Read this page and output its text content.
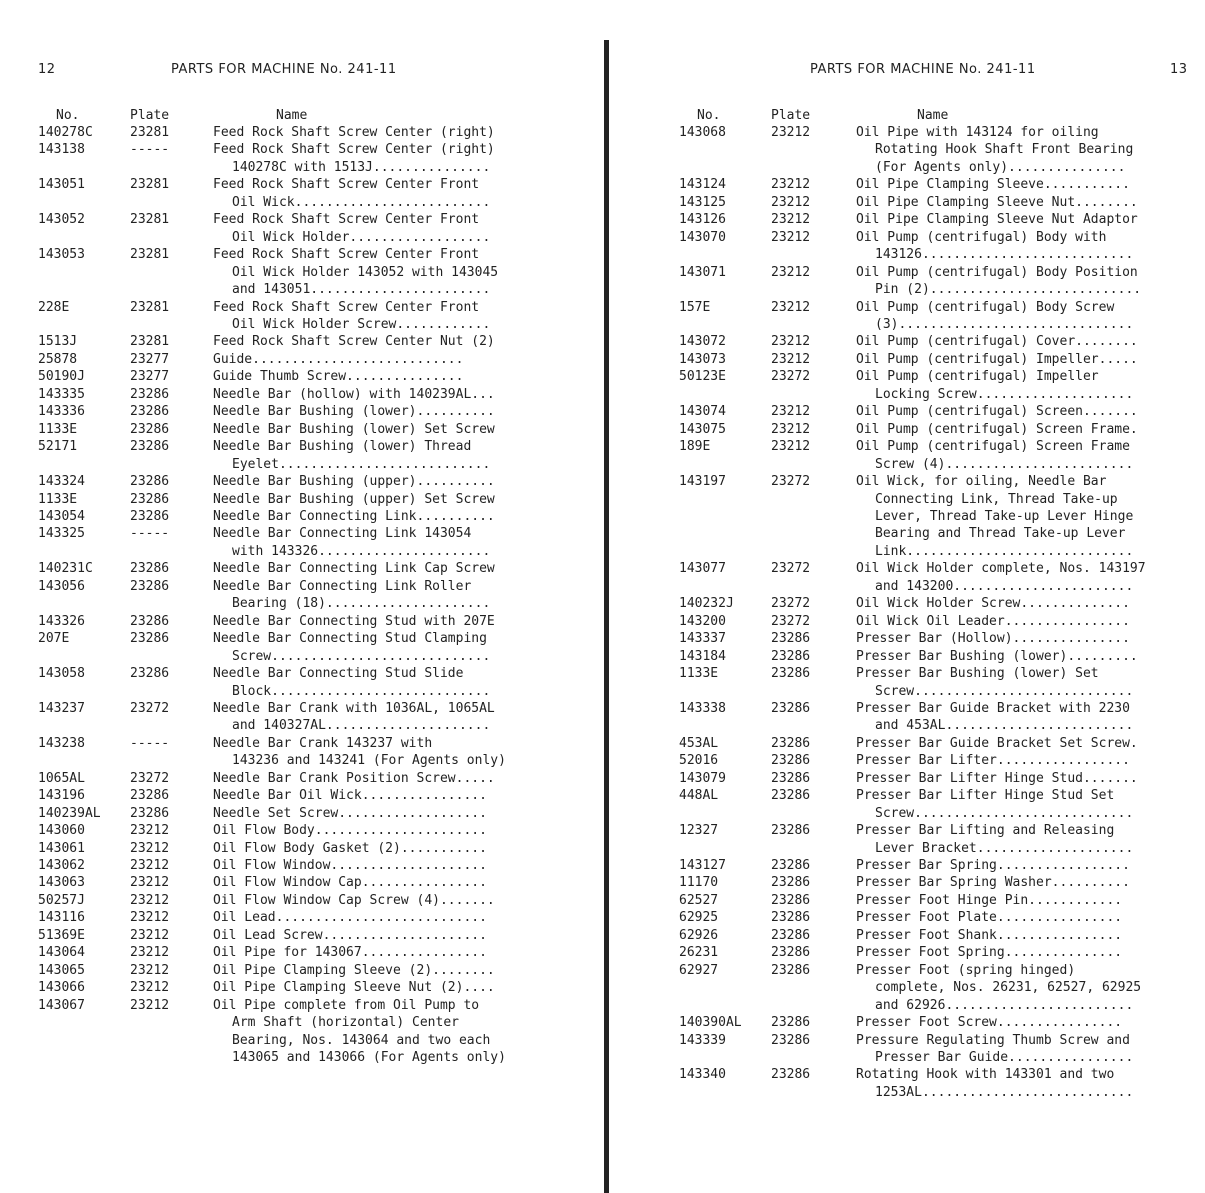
12	PARTS FOR MACHINE No. 241-11
No.	Plate	Name
140278C	23281	Feed Rock Shaft Screw Center (right)
143138	-----	Feed Rock Shaft Screw Center (right)
140278C with 1513J...............
143051	23281	Feed Rock Shaft Screw Center Front
Oil Wick.........................
143052	23281	Feed Rock Shaft Screw Center Front
Oil Wick Holder..................
143053	23281	Feed Rock Shaft Screw Center Front
Oil Wick Holder 143052 with 143045
and 143051.......................
228E	23281	Feed Rock Shaft Screw Center Front
Oil Wick Holder Screw............
1513J	23281	Feed Rock Shaft Screw Center Nut (2)
25878	23277	Guide...........................
50190J	23277	Guide Thumb Screw...............
143335	23286	Needle Bar (hollow) with 140239AL...
143336	23286	Needle Bar Bushing (lower)..........
1133E	23286	Needle Bar Bushing (lower) Set Screw
52171	23286	Needle Bar Bushing (lower) Thread
Eyelet...........................
143324	23286	Needle Bar Bushing (upper)..........
1133E	23286	Needle Bar Bushing (upper) Set Screw
143054	23286	Needle Bar Connecting Link..........
143325	-----	Needle Bar Connecting Link 143054
with 143326......................
140231C	23286	Needle Bar Connecting Link Cap Screw
143056	23286	Needle Bar Connecting Link Roller
Bearing (18).....................
143326	23286	Needle Bar Connecting Stud with 207E
207E	23286	Needle Bar Connecting Stud Clamping
Screw............................
143058	23286	Needle Bar Connecting Stud Slide
Block............................
143237	23272	Needle Bar Crank with 1036AL, 1065AL
and 140327AL.....................
143238	-----	Needle Bar Crank 143237 with
143236 and 143241 (For Agents only)
1065AL	23272	Needle Bar Crank Position Screw.....
143196	23286	Needle Bar Oil Wick................
140239AL	23286	Needle Set Screw...................
143060	23212	Oil Flow Body......................
143061	23212	Oil Flow Body Gasket (2)...........
143062	23212	Oil Flow Window....................
143063	23212	Oil Flow Window Cap................
50257J	23212	Oil Flow Window Cap Screw (4).......
143116	23212	Oil Lead...........................
51369E	23212	Oil Lead Screw.....................
143064	23212	Oil Pipe for 143067................
143065	23212	Oil Pipe Clamping Sleeve (2)........
143066	23212	Oil Pipe Clamping Sleeve Nut (2)....
143067	23212	Oil Pipe complete from Oil Pump to
Arm Shaft (horizontal) Center
Bearing, Nos. 143064 and two each
143065 and 143066 (For Agents only)
PARTS FOR MACHINE No. 241-11	13
No.	Plate	Name
143068	23212	Oil Pipe with 143124 for oiling
Rotating Hook Shaft Front Bearing
(For Agents only)...............
143124	23212	Oil Pipe Clamping Sleeve...........
143125	23212	Oil Pipe Clamping Sleeve Nut........
143126	23212	Oil Pipe Clamping Sleeve Nut Adaptor
143070	23212	Oil Pump (centrifugal) Body with
143126...........................
143071	23212	Oil Pump (centrifugal) Body Position
Pin (2)...........................
157E	23212	Oil Pump (centrifugal) Body Screw
(3)..............................
143072	23212	Oil Pump (centrifugal) Cover........
143073	23212	Oil Pump (centrifugal) Impeller.....
50123E	23272	Oil Pump (centrifugal) Impeller
Locking Screw....................
143074	23212	Oil Pump (centrifugal) Screen.......
143075	23212	Oil Pump (centrifugal) Screen Frame.
189E	23212	Oil Pump (centrifugal) Screen Frame
Screw (4)........................
143197	23272	Oil Wick, for oiling, Needle Bar
Connecting Link, Thread Take-up
Lever, Thread Take-up Lever Hinge
Bearing and Thread Take-up Lever
Link.............................
143077	23272	Oil Wick Holder complete, Nos. 143197
and 143200.......................
140232J	23272	Oil Wick Holder Screw..............
143200	23272	Oil Wick Oil Leader................
143337	23286	Presser Bar (Hollow)...............
143184	23286	Presser Bar Bushing (lower).........
1133E	23286	Presser Bar Bushing (lower) Set
Screw............................
143338	23286	Presser Bar Guide Bracket with 2230
and 453AL........................
453AL	23286	Presser Bar Guide Bracket Set Screw.
52016	23286	Presser Bar Lifter.................
143079	23286	Presser Bar Lifter Hinge Stud.......
448AL	23286	Presser Bar Lifter Hinge Stud Set
Screw............................
12327	23286	Presser Bar Lifting and Releasing
Lever Bracket....................
143127	23286	Presser Bar Spring.................
11170	23286	Presser Bar Spring Washer..........
62527	23286	Presser Foot Hinge Pin............
62925	23286	Presser Foot Plate................
62926	23286	Presser Foot Shank................
26231	23286	Presser Foot Spring...............
62927	23286	Presser Foot (spring hinged)
complete, Nos. 26231, 62527, 62925
and 62926........................
140390AL	23286	Presser Foot Screw................
143339	23286	Pressure Regulating Thumb Screw and
Presser Bar Guide................
143340	23286	Rotating Hook with 143301 and two
1253AL...........................
